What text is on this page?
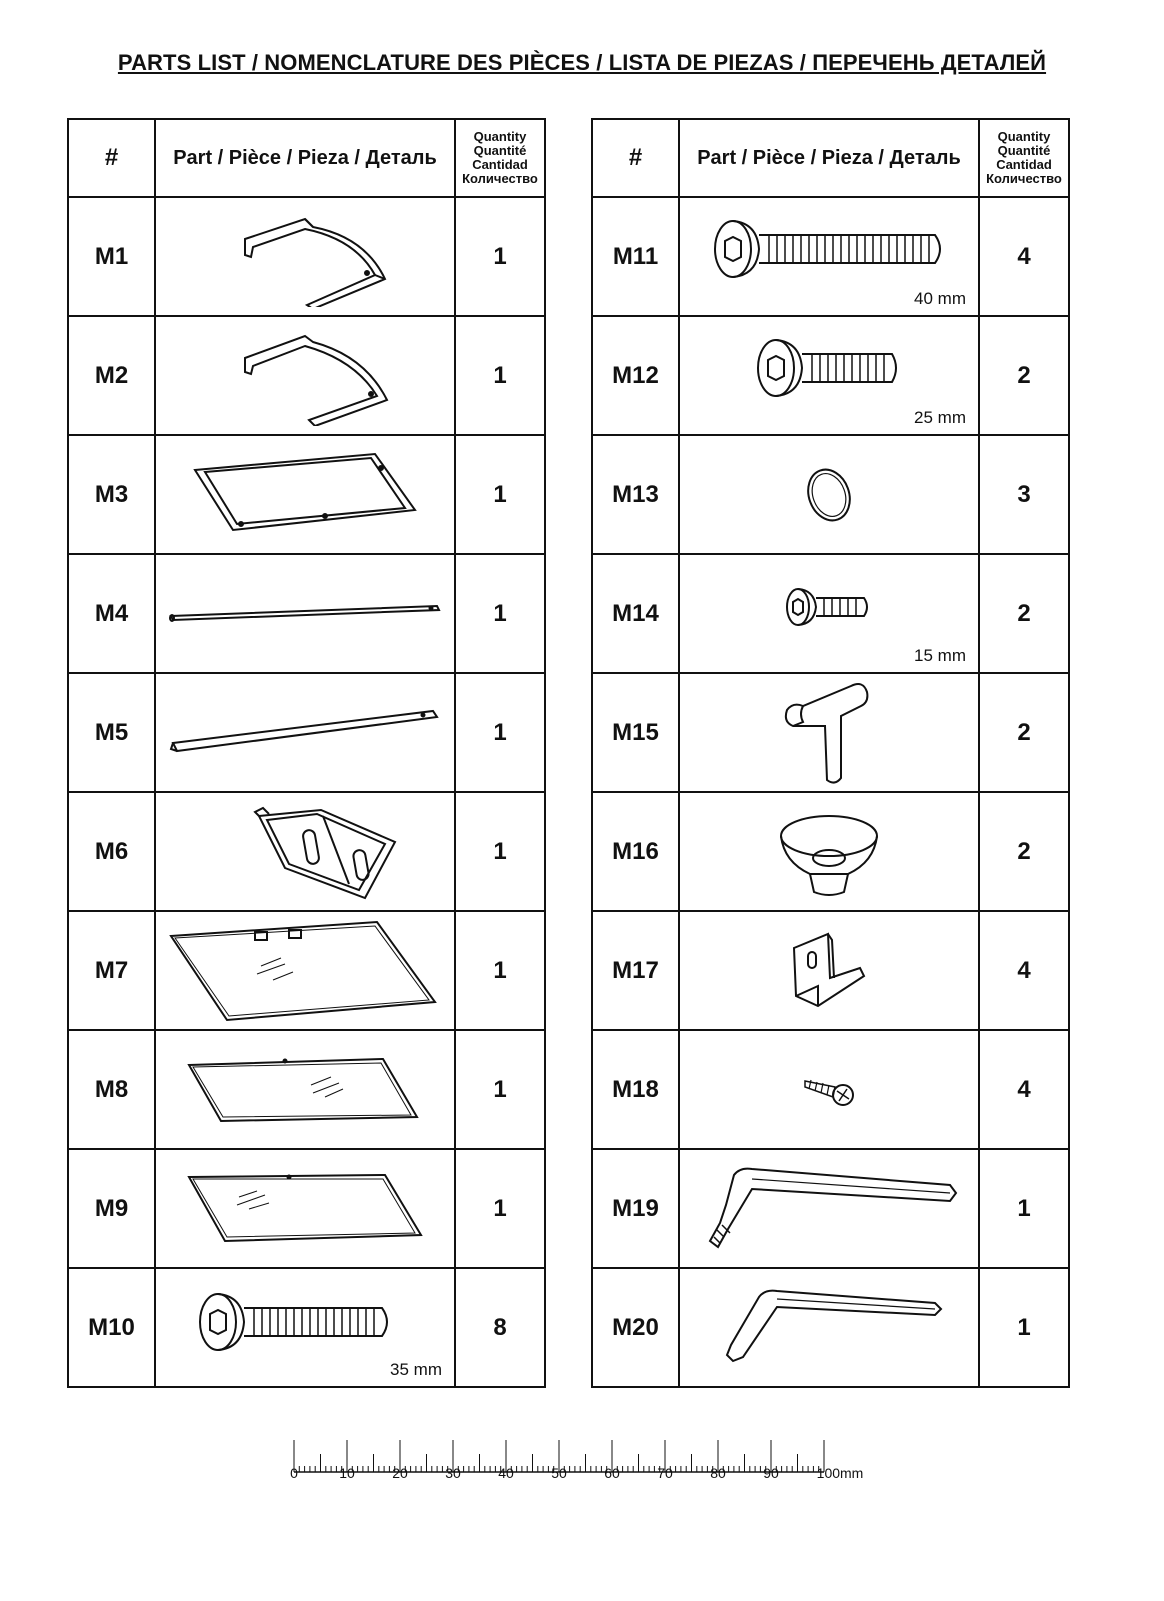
PARTS LIST / NOMENCLATURE DES PIÈCES / LISTA DE PIEZAS / ПЕРЕЧЕНЬ ДЕТАЛЕЙ
#	Part / Pièce / Pieza / Деталь	Quantity
Quantité
Cantidad
Количество

M1		1
M2		1
M3		1
M4		1
M5		1
M6		1
M7		1
M8		1
M9		1
M10	35 mm	8
#	Part / Pièce / Pieza / Деталь	Quantity
Quantité
Cantidad
Количество

M11	40 mm	4
M12	25 mm	2
M13		3
M14	15 mm	2
M15		2
M16		2
M17		4
M18		4
M19		1
M20		1
0	10	20	30	40	50	60	70	80	90	100mm
